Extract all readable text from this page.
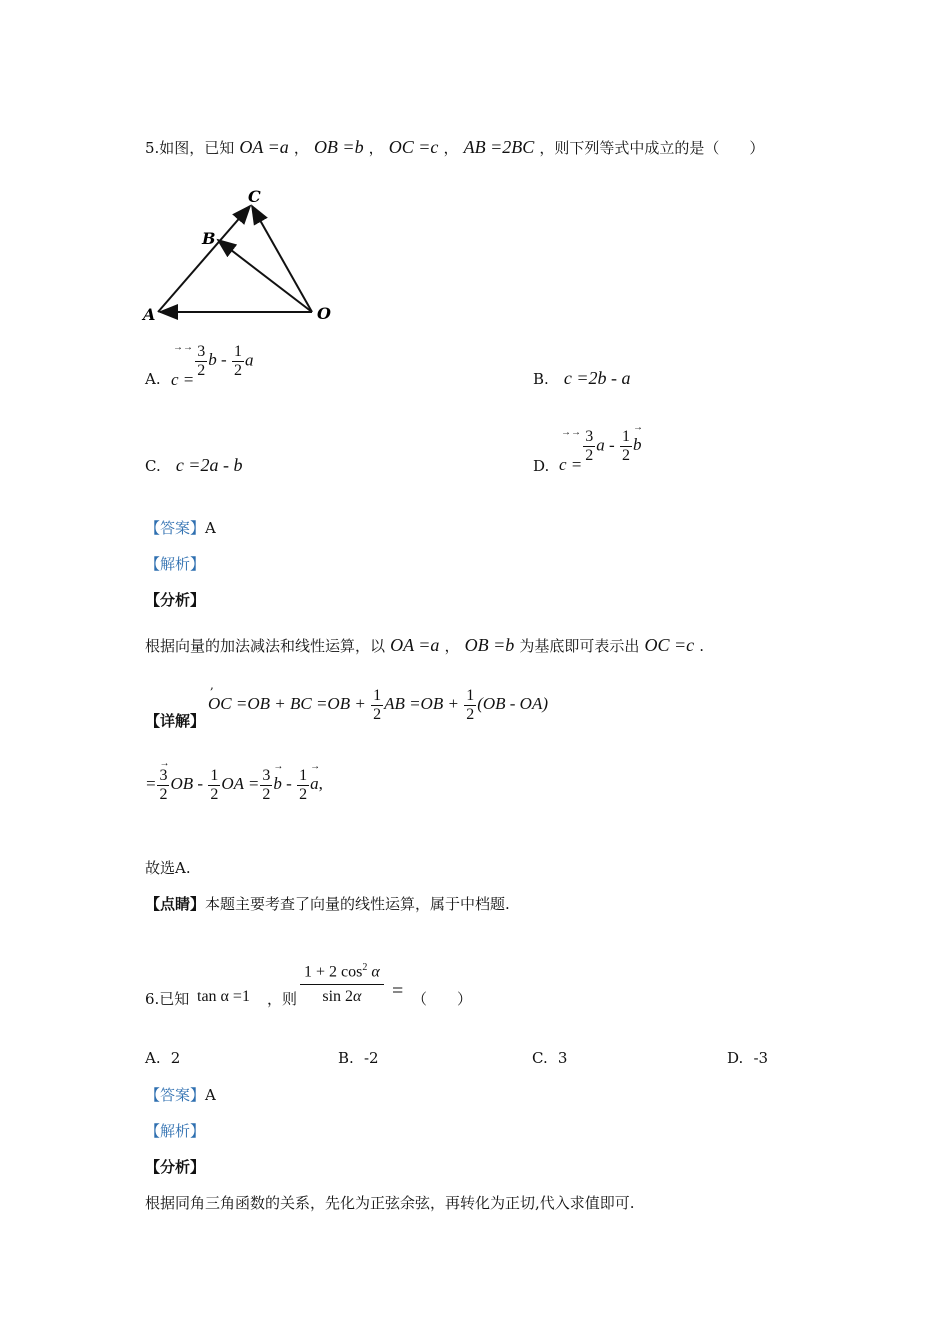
5.如图，已知 OA =a ， OB =b ， OC =c ， AB =2BC ，则下列等式中成立的是（　　）
A
B
C
O
A.
→→
c =
$\frac{3}{2}$ b - $\frac{1}{2}$ a
B. c =2b - a
C. c =2a - b	D.
→→
c =
$\frac{3}{2}$ a - $\frac{1}{2}$
→ b
【答案】A
【解析】
【分析】
根据向量的加法减法和线性运算，以 OA =a ， OB =b 为基底即可表示出 OC =c .
【详解】
,
OC =OB + BC $=OB + \frac{1}{2}$ AB $=OB + \frac{1}{2} (OB - OA)$
= 3
→
2 OB - $\frac{1}{2}$ OA = $\frac{3}{2}$
→ b - $\frac{1}{2}$
→ a,
故选A.
【点睛】本题主要考查了向量的线性运算，属于中档题.
6.已知 tan α =1 ，则
1 + 2 $\cos^2 \alpha$
sin 2α	= （　　）
A. 2	B. -2	C. 3	D. -3
【答案】A
【解析】
【分析】
根据同角三角函数的关系，先化为正弦余弦，再转化为正切,代入求值即可.
